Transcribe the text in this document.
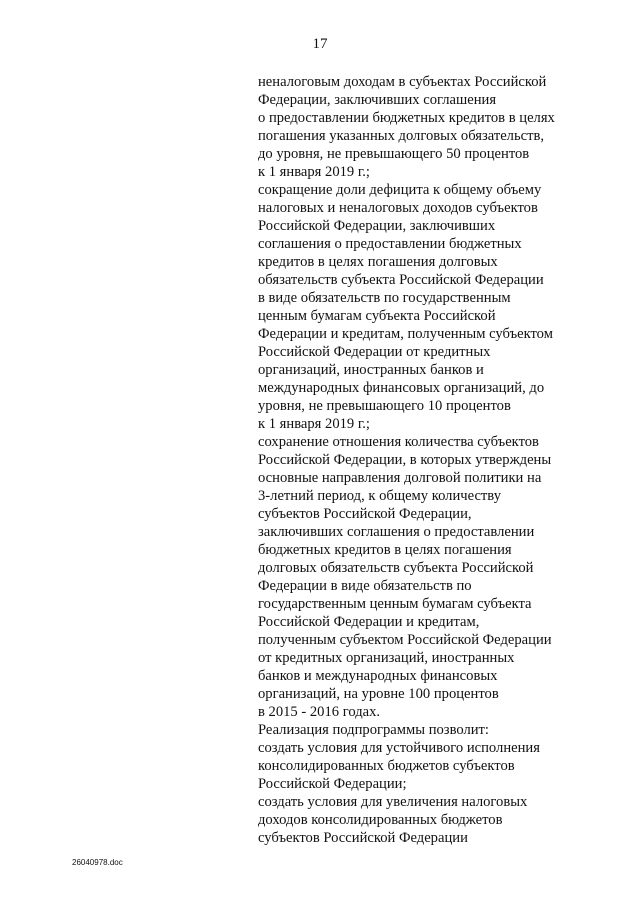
17
неналоговым доходам в субъектах Российской
Федерации, заключивших соглашения
о предоставлении бюджетных кредитов в целях
погашения указанных долговых обязательств,
до уровня, не превышающего 50 процентов
к 1 января 2019 г.;
сокращение доли дефицита к общему объему
налоговых и неналоговых доходов субъектов
Российской Федерации, заключивших
соглашения о предоставлении бюджетных
кредитов в целях погашения долговых
обязательств субъекта Российской Федерации
в виде обязательств по государственным
ценным бумагам субъекта Российской
Федерации и кредитам, полученным субъектом
Российской Федерации от кредитных
организаций, иностранных банков и
международных финансовых организаций, до
уровня, не превышающего 10 процентов
к 1 января 2019 г.;
сохранение отношения количества субъектов
Российской Федерации, в которых утверждены
основные направления долговой политики на
3-летний период, к общему количеству
субъектов Российской Федерации,
заключивших соглашения о предоставлении
бюджетных кредитов в целях погашения
долговых обязательств субъекта Российской
Федерации в виде обязательств по
государственным ценным бумагам субъекта
Российской Федерации и кредитам,
полученным субъектом Российской Федерации
от кредитных организаций, иностранных
банков и международных финансовых
организаций, на уровне 100 процентов
в 2015 - 2016 годах.
Реализация подпрограммы позволит:
создать условия для устойчивого исполнения
консолидированных бюджетов субъектов
Российской Федерации;
создать условия для увеличения налоговых
доходов консолидированных бюджетов
субъектов Российской Федерации
26040978.doc
